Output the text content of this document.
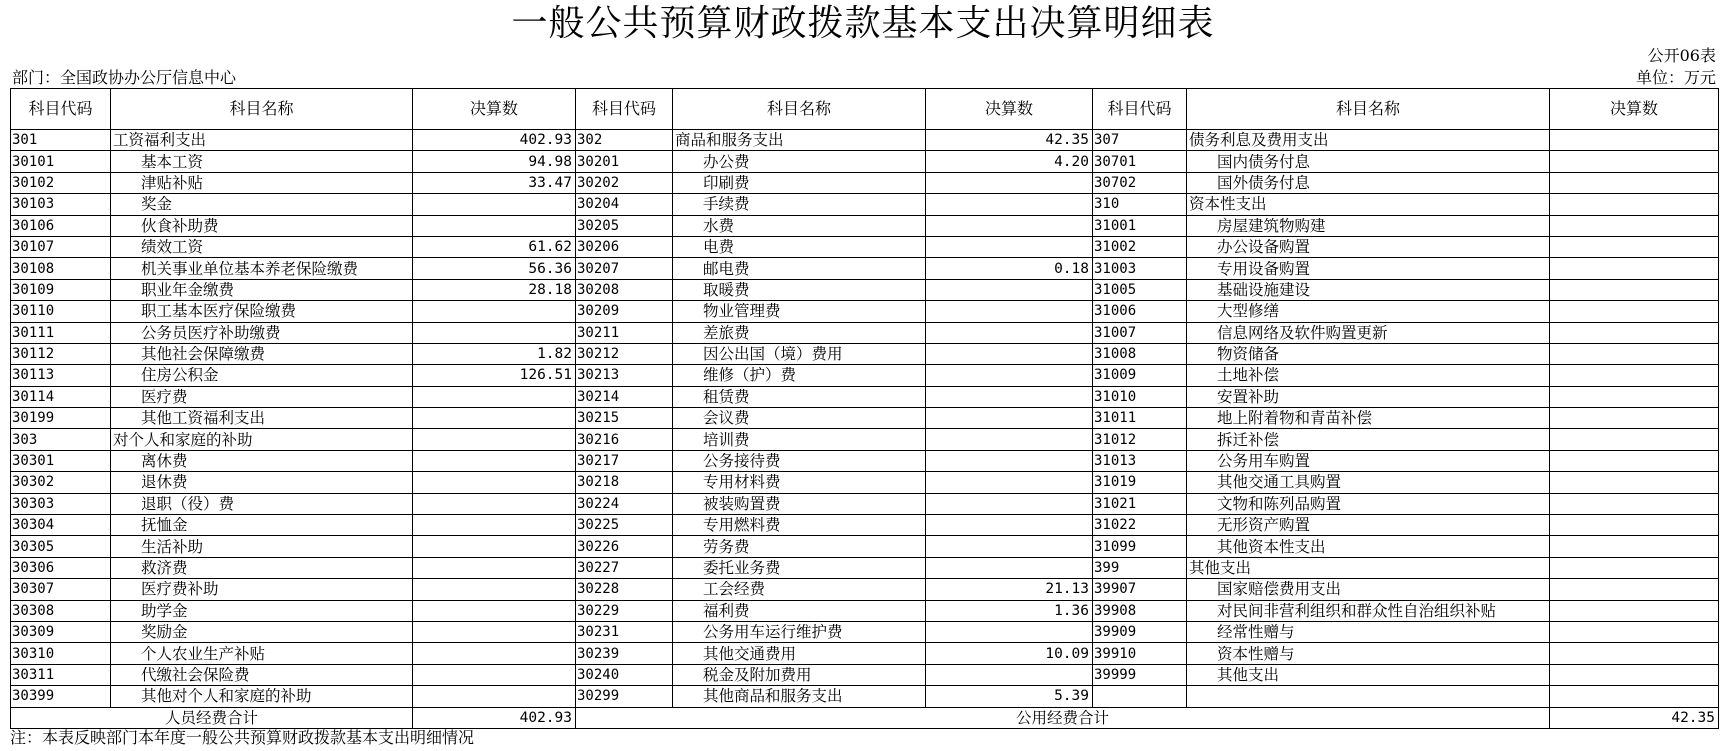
一般公共预算财政拨款基本支出决算明细表
公开06表
部门：全国政协办公厅信息中心	单位：万元
科目代码	科目名称	决算数	科目代码	科目名称	决算数	科目代码	科目名称	决算数
301	工资福利支出	402.93	302	商品和服务支出	42.35	307	债务利息及费用支出	
30101	基本工资	94.98	30201	办公费	4.20	30701	国内债务付息	
30102	津贴补贴	33.47	30202	印刷费		30702	国外债务付息	
30103	奖金		30204	手续费		310	资本性支出	
30106	伙食补助费		30205	水费		31001	房屋建筑物购建	
30107	绩效工资	61.62	30206	电费		31002	办公设备购置	
30108	机关事业单位基本养老保险缴费	56.36	30207	邮电费	0.18	31003	专用设备购置	
30109	职业年金缴费	28.18	30208	取暖费		31005	基础设施建设	
30110	职工基本医疗保险缴费		30209	物业管理费		31006	大型修缮	
30111	公务员医疗补助缴费		30211	差旅费		31007	信息网络及软件购置更新	
30112	其他社会保障缴费	1.82	30212	因公出国（境）费用		31008	物资储备	
30113	住房公积金	126.51	30213	维修（护）费		31009	土地补偿	
30114	医疗费		30214	租赁费		31010	安置补助	
30199	其他工资福利支出		30215	会议费		31011	地上附着物和青苗补偿	
303	对个人和家庭的补助		30216	培训费		31012	拆迁补偿	
30301	离休费		30217	公务接待费		31013	公务用车购置	
30302	退休费		30218	专用材料费		31019	其他交通工具购置	
30303	退职（役）费		30224	被装购置费		31021	文物和陈列品购置	
30304	抚恤金		30225	专用燃料费		31022	无形资产购置	
30305	生活补助		30226	劳务费		31099	其他资本性支出	
30306	救济费		30227	委托业务费		399	其他支出	
30307	医疗费补助		30228	工会经费	21.13	39907	国家赔偿费用支出	
30308	助学金		30229	福利费	1.36	39908	对民间非营利组织和群众性自治组织补贴	
30309	奖励金		30231	公务用车运行维护费		39909	经常性赠与	
30310	个人农业生产补贴		30239	其他交通费用	10.09	39910	资本性赠与	
30311	代缴社会保险费		30240	税金及附加费用		39999	其他支出	
30399	其他对个人和家庭的补助		30299	其他商品和服务支出	5.39			
人员经费合计		402.93	公用经费合计					42.35
注：本表反映部门本年度一般公共预算财政拨款基本支出明细情况
